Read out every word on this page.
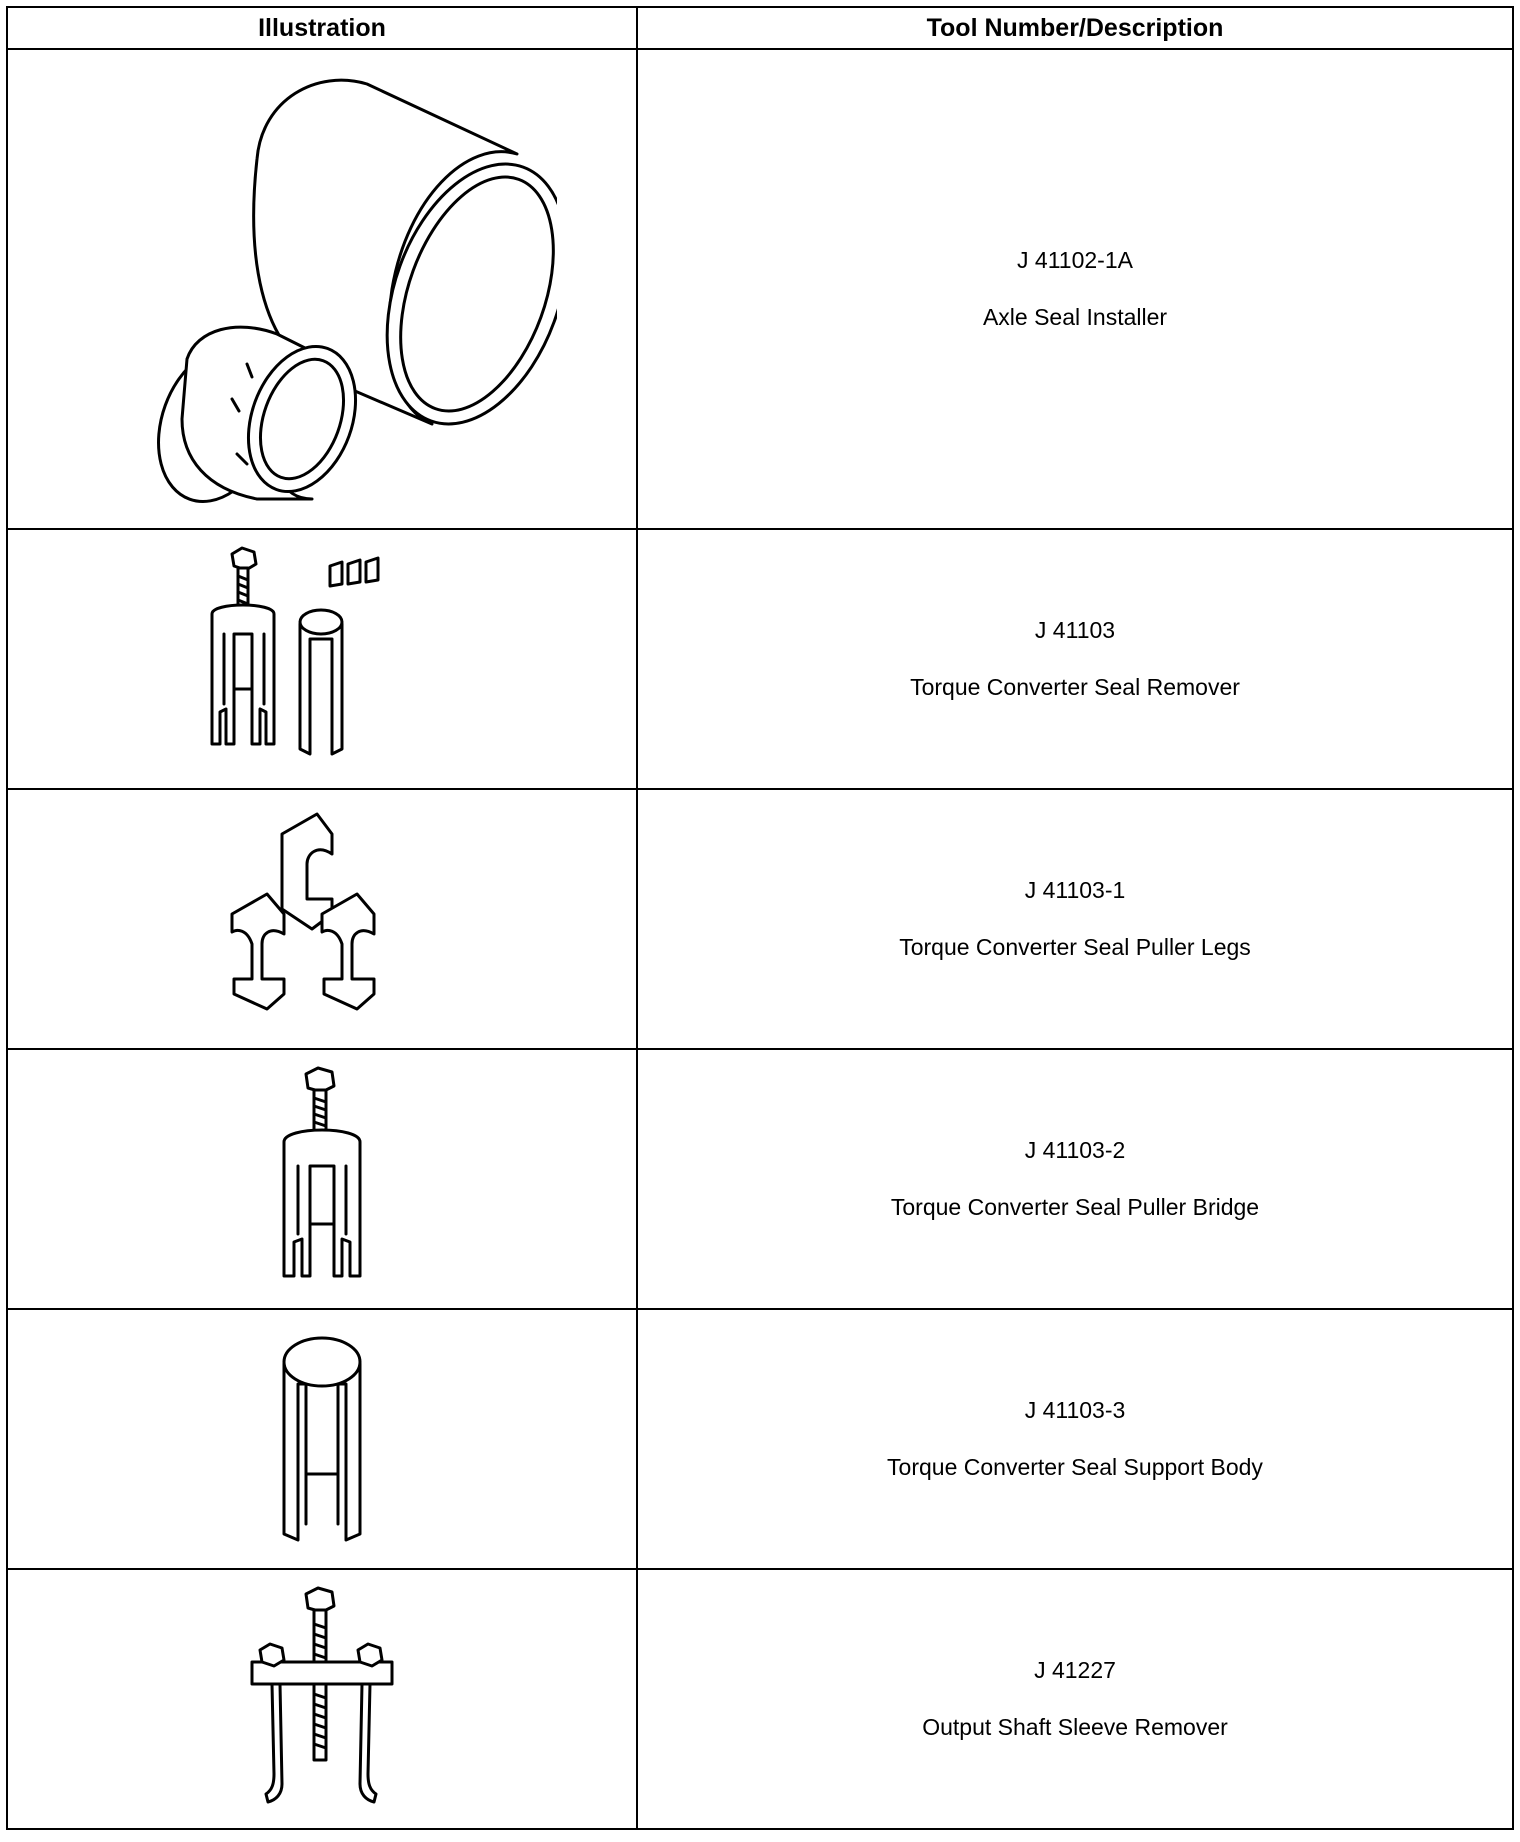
Illustration	Tool Number/Description

J 41102-1A
Axle Seal Installer

J 41103
Torque Converter Seal Remover

J 41103-1
Torque Converter Seal Puller Legs

J 41103-2
Torque Converter Seal Puller Bridge

J 41103-3
Torque Converter Seal Support Body

J 41227
Output Shaft Sleeve Remover
